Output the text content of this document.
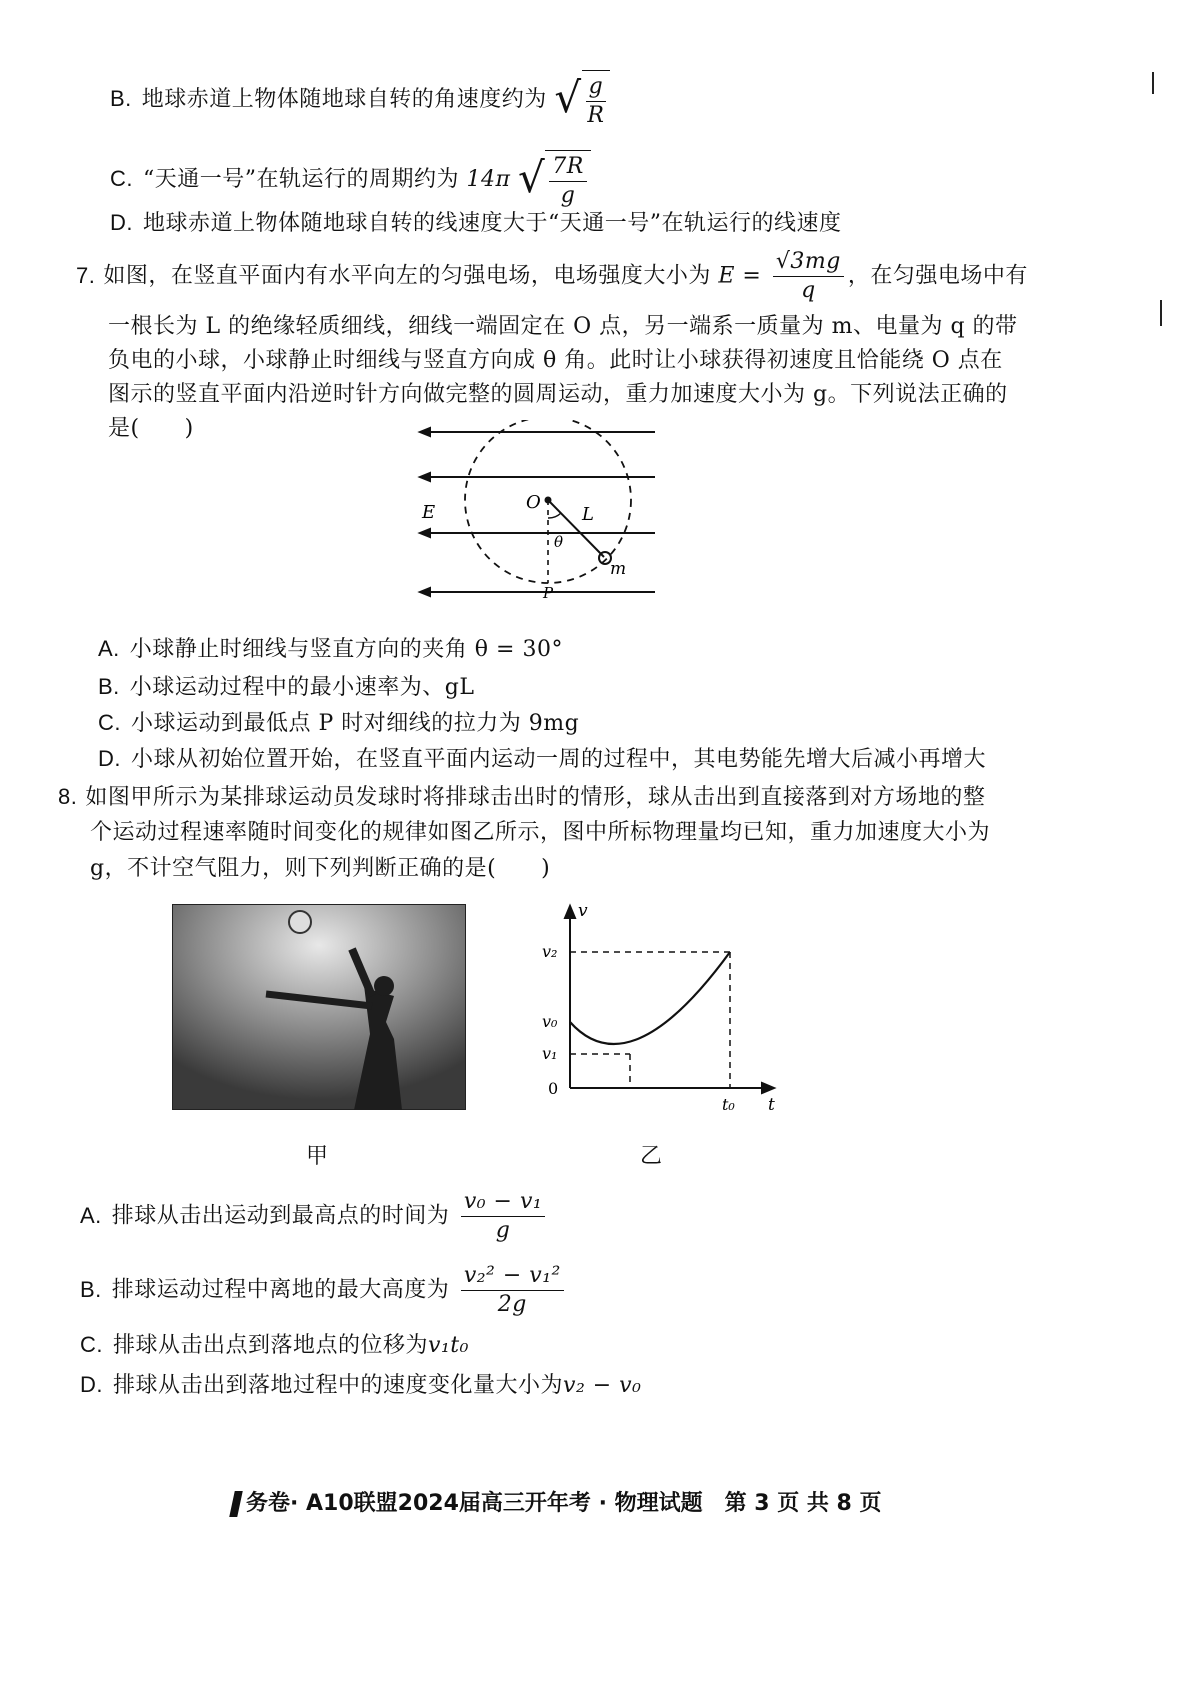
B. 地球赤道上物体随地球自转的角速度约为 √ $\frac{g}{R}$
C. “天通一号”在轨运行的周期约为 14π √ $\frac{7R}{g}$
D. 地球赤道上物体随地球自转的线速度大于“天通一号”在轨运行的线速度
7. 如图，在竖直平面内有水平向左的匀强电场，电场强度大小为 $E = \frac{√3mg}{q}$ ，在匀强电场中有
一根长为 L 的绝缘轻质细线，细线一端固定在 O 点，另一端系一质量为 m、电量为 q 的带
负电的小球，小球静止时细线与竖直方向成 θ 角。此时让小球获得初速度且恰能绕 O 点在
图示的竖直平面内沿逆时针方向做完整的圆周运动，重力加速度大小为 g。下列说法正确的
是(　　)
E	O
L
θ
m
P
A. 小球静止时细线与竖直方向的夹角 θ = 30°
B. 小球运动过程中的最小速率为、gL
C. 小球运动到最低点 P 时对细线的拉力为 9mg
D. 小球从初始位置开始，在竖直平面内运动一周的过程中，其电势能先增大后减小再增大
8. 如图甲所示为某排球运动员发球时将排球击出时的情形，球从击出到直接落到对方场地的整
个运动过程速率随时间变化的规律如图乙所示，图中所标物理量均已知，重力加速度大小为
g，不计空气阻力，则下列判断正确的是(　　)
甲
v
t
v₂
v₀
v₁
0
t₀
乙
A. 排球从击出运动到最高点的时间为 $\frac{\text{v₀ − v₁}}{g}$
B. 排球运动过程中离地的最大高度为 $\frac{\text{v₂² − v₁²}}{2g}$
C. 排球从击出点到落地点的位移为v₁t₀
D. 排球从击出到落地过程中的速度变化量大小为v₂ − v₀
务卷· A10联盟2024届高三开年考 · 物理试题　第 3 页 共 8 页
